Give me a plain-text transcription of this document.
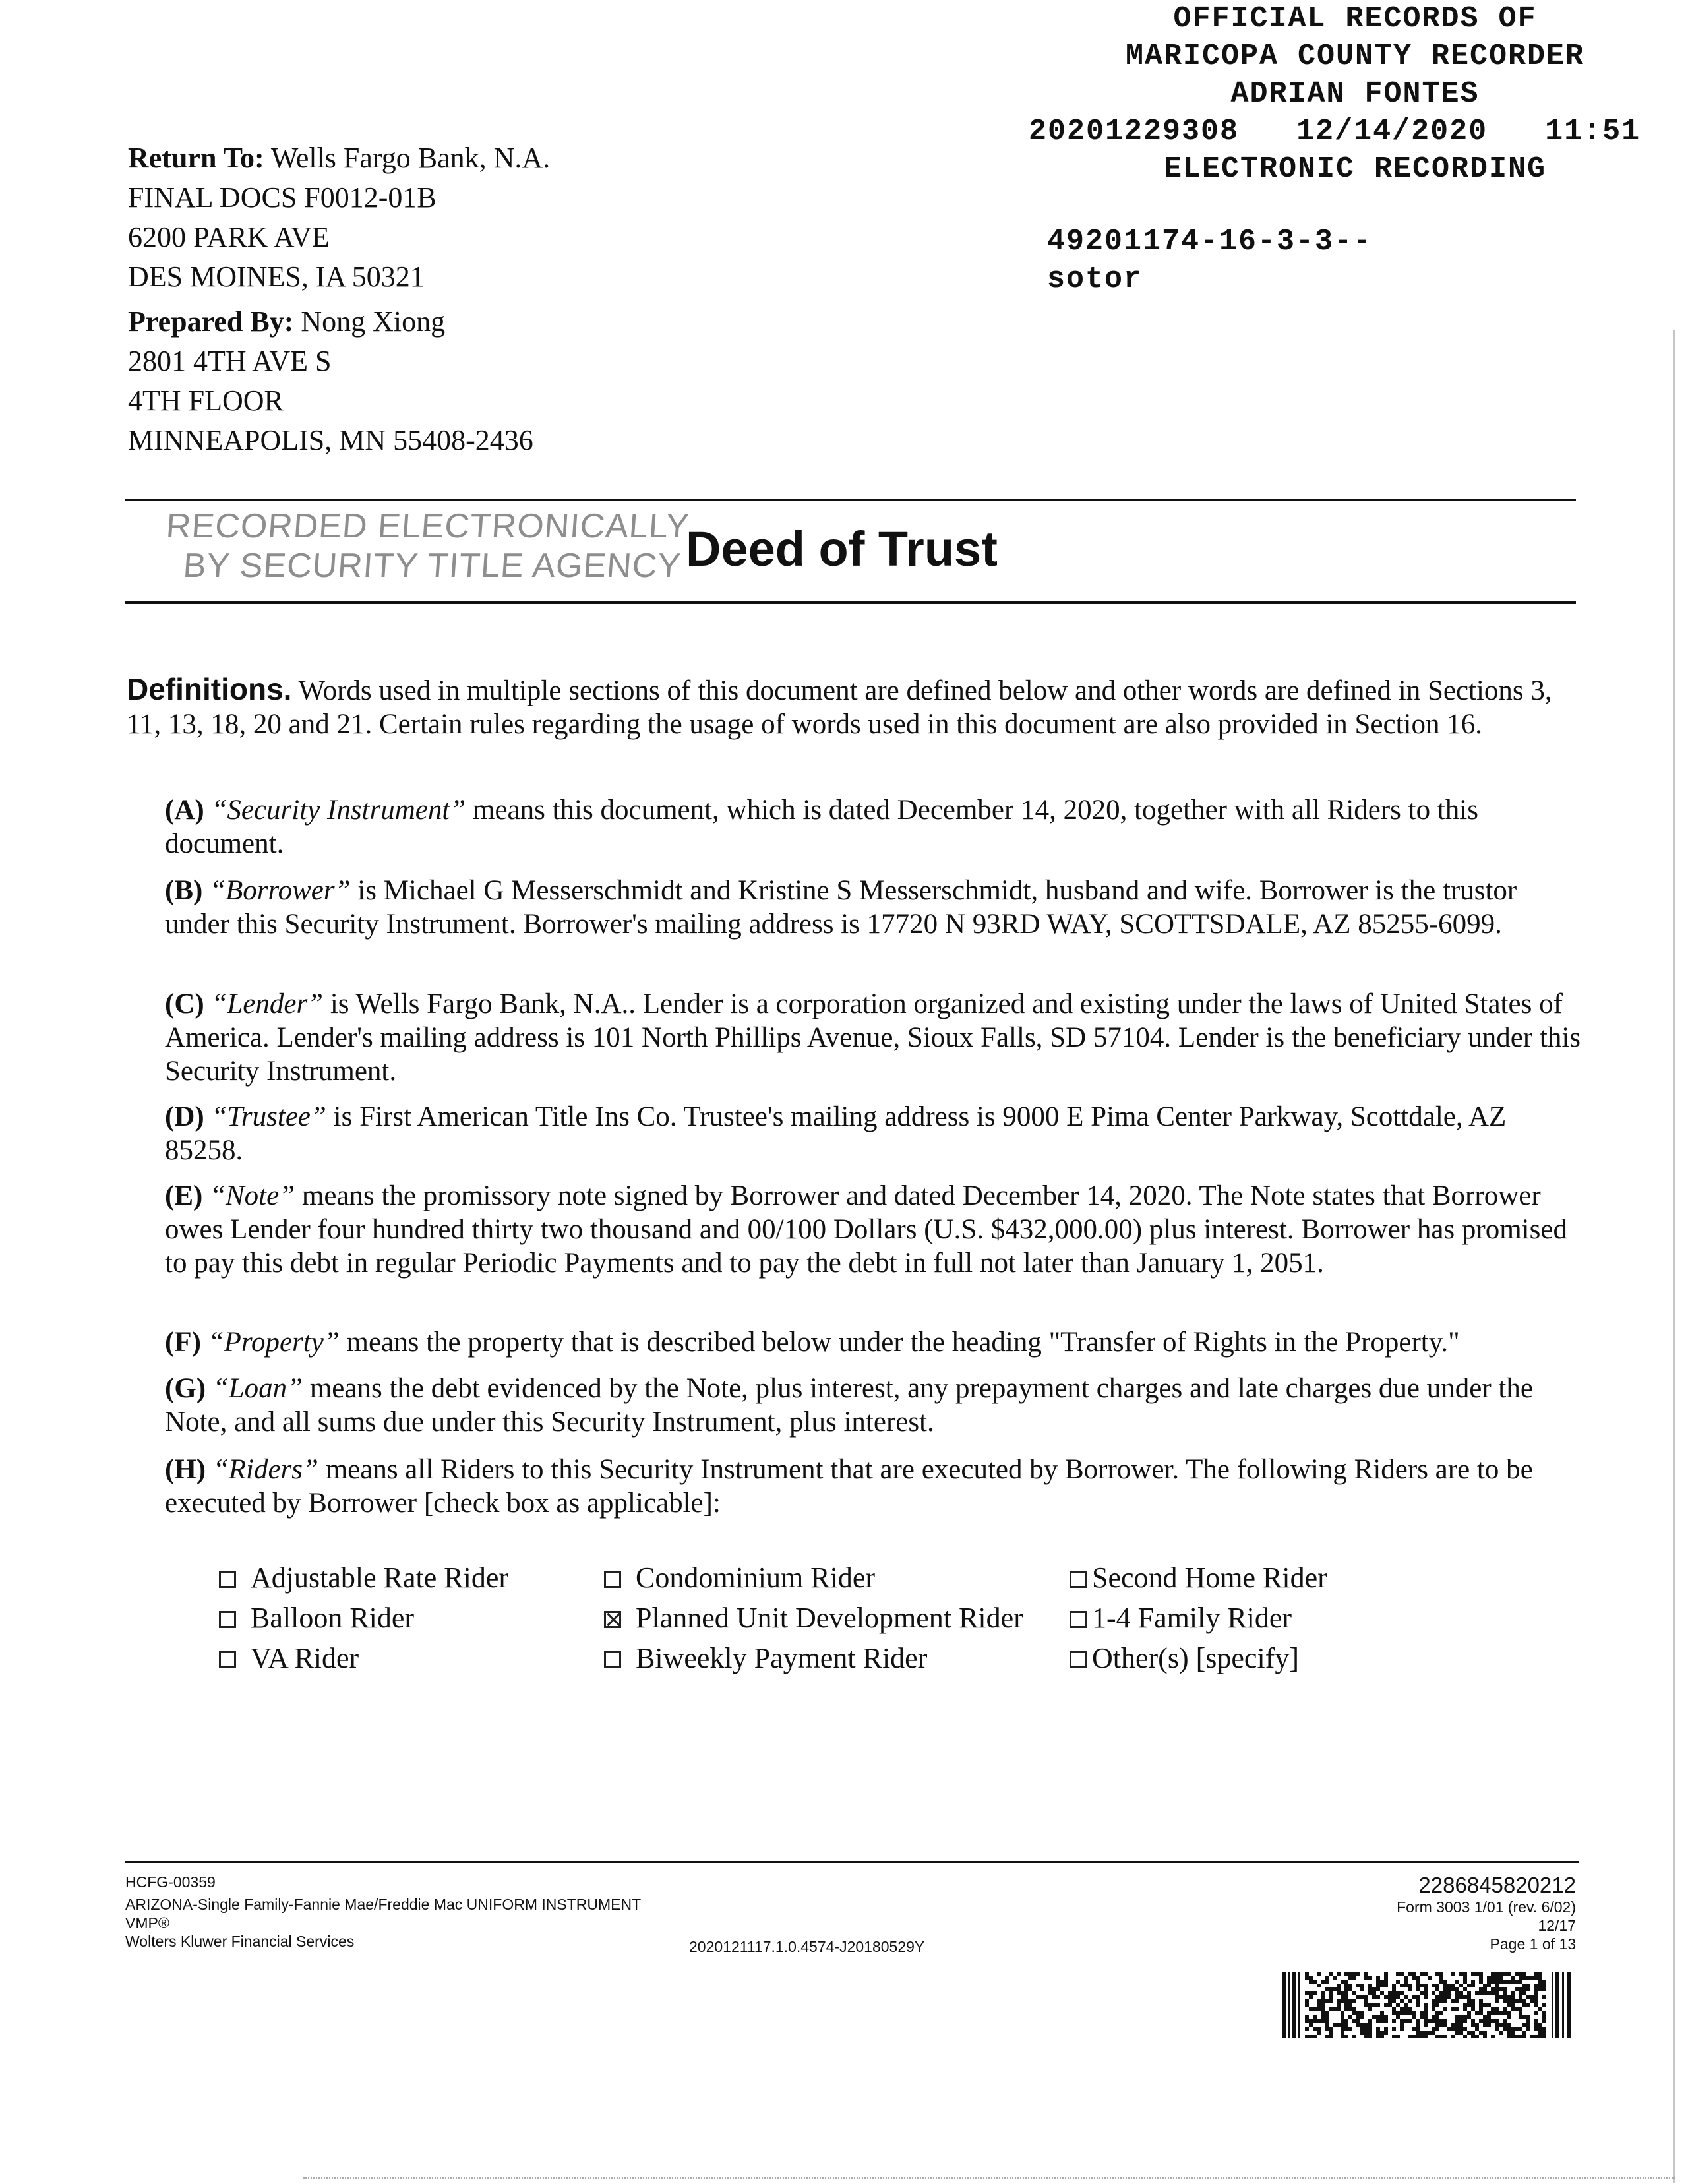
OFFICIAL RECORDS OF
MARICOPA COUNTY RECORDER
ADRIAN FONTES
20201229308 12/14/2020 11:51
ELECTRONIC RECORDING
49201174-16-3-3--
sotor
Return To: Wells Fargo Bank, N.A.
FINAL DOCS F0012-01B
6200 PARK AVE
DES MOINES, IA 50321
Prepared By: Nong Xiong
2801 4TH AVE S
4TH FLOOR
MINNEAPOLIS, MN 55408-2436
RECORDED ELECTRONICALLY
BY SECURITY TITLE AGENCY Deed of Trust
Definitions. Words used in multiple sections of this document are defined below and other words are defined in Sections 3, 11, 13, 18, 20 and 21. Certain rules regarding the usage of words used in this document are also provided in Section 16.
(A) “Security Instrument” means this document, which is dated December 14, 2020, together with all Riders to this document.
(B) “Borrower” is Michael G Messerschmidt and Kristine S Messerschmidt, husband and wife. Borrower is the trustor under this Security Instrument. Borrower's mailing address is 17720 N 93RD WAY, SCOTTSDALE, AZ 85255-6099.
(C) “Lender” is Wells Fargo Bank, N.A.. Lender is a corporation organized and existing under the laws of United States of America. Lender's mailing address is 101 North Phillips Avenue, Sioux Falls, SD 57104. Lender is the beneficiary under this Security Instrument.
(D) “Trustee” is First American Title Ins Co. Trustee's mailing address is 9000 E Pima Center Parkway, Scottdale, AZ 85258.
(E) “Note” means the promissory note signed by Borrower and dated December 14, 2020. The Note states that Borrower owes Lender four hundred thirty two thousand and 00/100 Dollars (U.S. $432,000.00) plus interest. Borrower has promised to pay this debt in regular Periodic Payments and to pay the debt in full not later than January 1, 2051.
(F) “Property” means the property that is described below under the heading "Transfer of Rights in the Property."
(G) “Loan” means the debt evidenced by the Note, plus interest, any prepayment charges and late charges due under the Note, and all sums due under this Security Instrument, plus interest.
(H) “Riders” means all Riders to this Security Instrument that are executed by Borrower. The following Riders are to be executed by Borrower [check box as applicable]:
Adjustable Rate Rider
Balloon Rider
VA Rider
Condominium Rider
Planned Unit Development Rider
Biweekly Payment Rider
Second Home Rider
1-4 Family Rider
Other(s) [specify]
HCFG-00359
ARIZONA-Single Family-Fannie Mae/Freddie Mac UNIFORM INSTRUMENT
VMP®
Wolters Kluwer Financial Services	2020121117.1.0.4574-J20180529Y
2286845820212
Form 3003 1/01 (rev. 6/02)
12/17
Page 1 of 13
